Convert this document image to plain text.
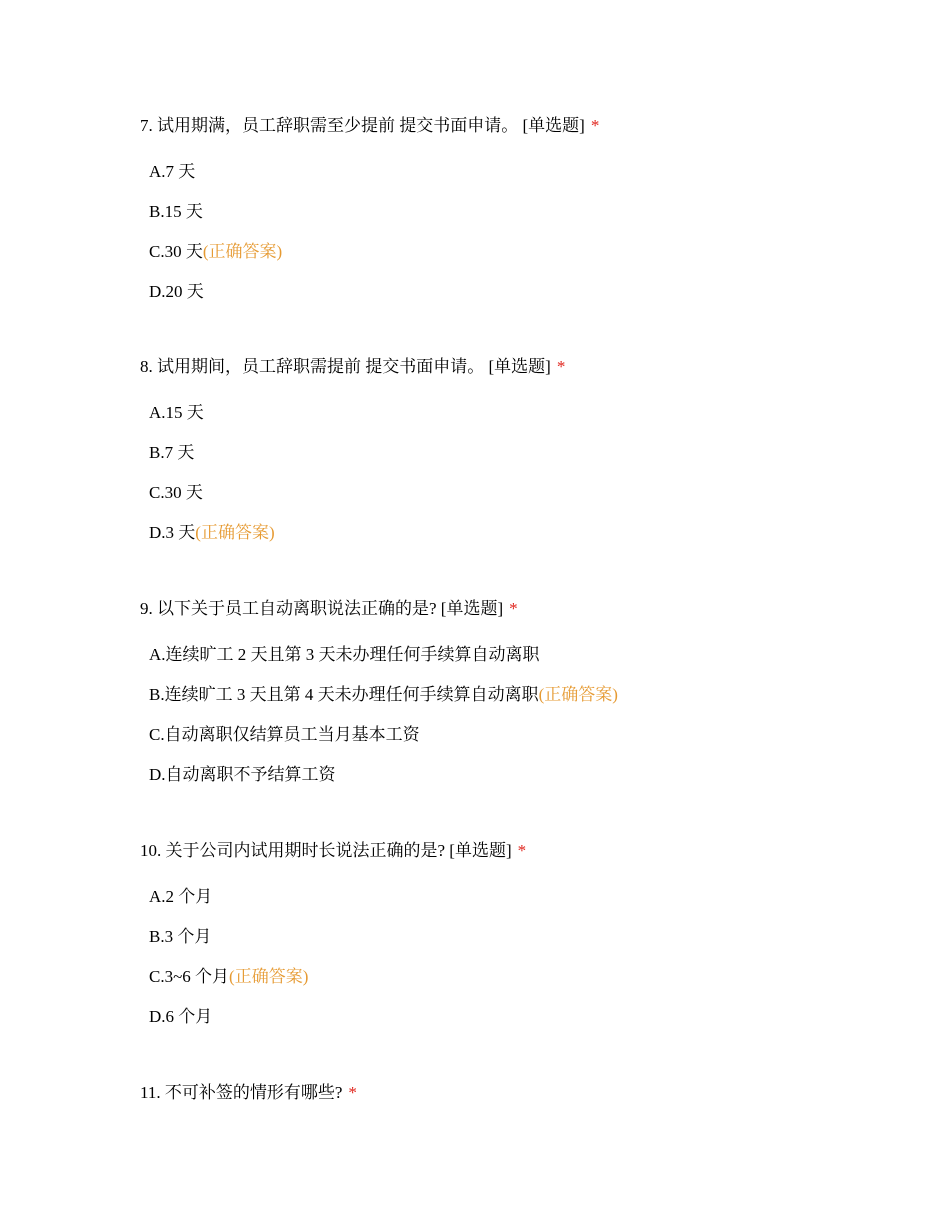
7. 试用期满，员工辞职需至少提前 提交书面申请。 [单选题] *
A.7 天
B.15 天
C.30 天(正确答案)
D.20 天
8. 试用期间，员工辞职需提前 提交书面申请。 [单选题] *
A.15 天
B.7 天
C.30 天
D.3 天(正确答案)
9. 以下关于员工自动离职说法正确的是? [单选题] *
A.连续旷工 2 天且第 3 天未办理任何手续算自动离职
B.连续旷工 3 天且第 4 天未办理任何手续算自动离职(正确答案)
C.自动离职仅结算员工当月基本工资
D.自动离职不予结算工资
10. 关于公司内试用期时长说法正确的是? [单选题] *
A.2 个月
B.3 个月
C.3~6 个月(正确答案)
D.6 个月
11. 不可补签的情形有哪些? *
